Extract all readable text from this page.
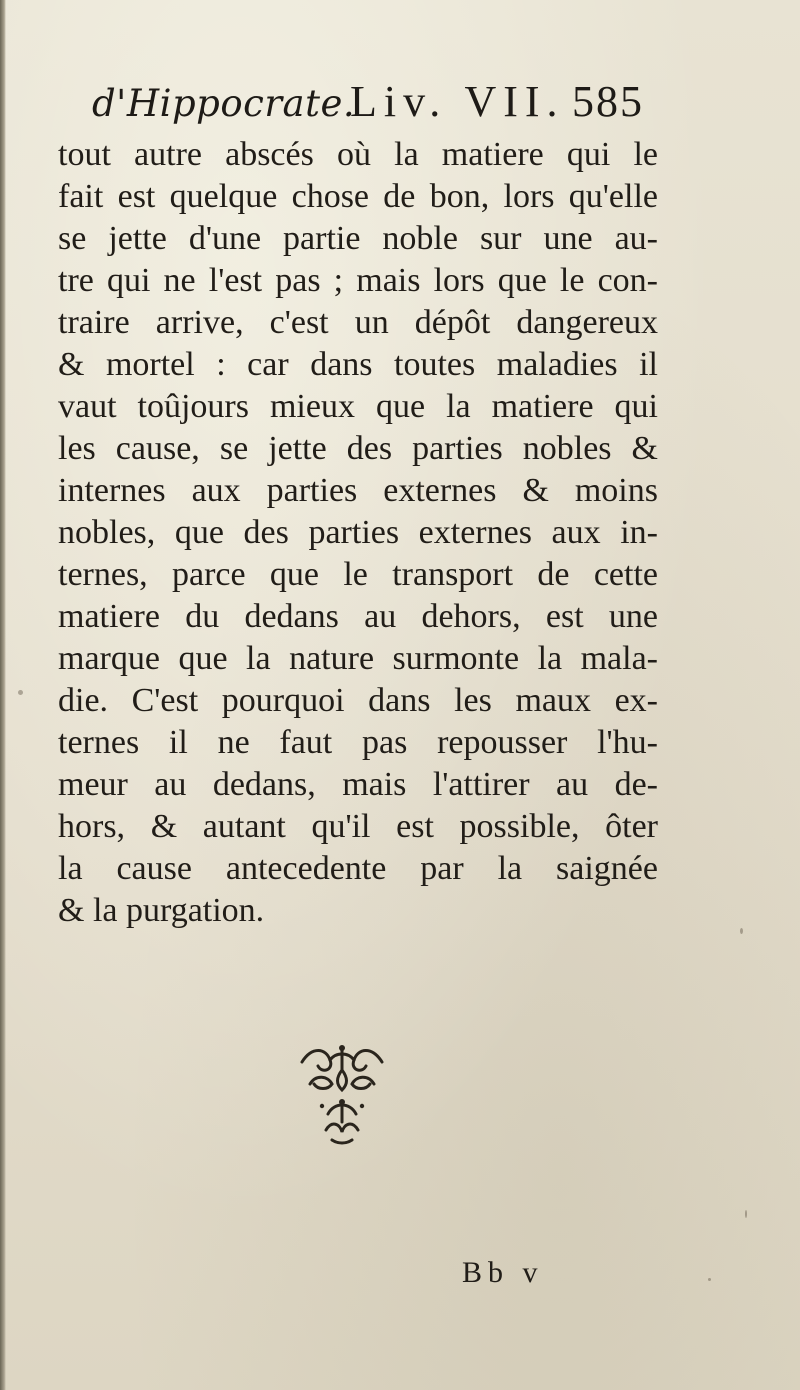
d'Hippocrate.
Liv. VII. 585
tout autre abscés où la matiere qui le
fait est quelque chose de bon, lors qu'elle
se jette d'une partie noble sur une au-
tre qui ne l'est pas ; mais lors que le con-
traire arrive, c'est un dépôt dangereux
& mortel : car dans toutes maladies il
vaut toûjours mieux que la matiere qui
les cause, se jette des parties nobles &
internes aux parties externes & moins
nobles, que des parties externes aux in-
ternes, parce que le transport de cette
matiere du dedans au dehors, est une
marque que la nature surmonte la mala-
die. C'est pourquoi dans les maux ex-
ternes il ne faut pas repousser l'hu-
meur au dedans, mais l'attirer au de-
hors, & autant qu'il est possible, ôter
la cause antecedente par la saignée
& la purgation.
Bb v
